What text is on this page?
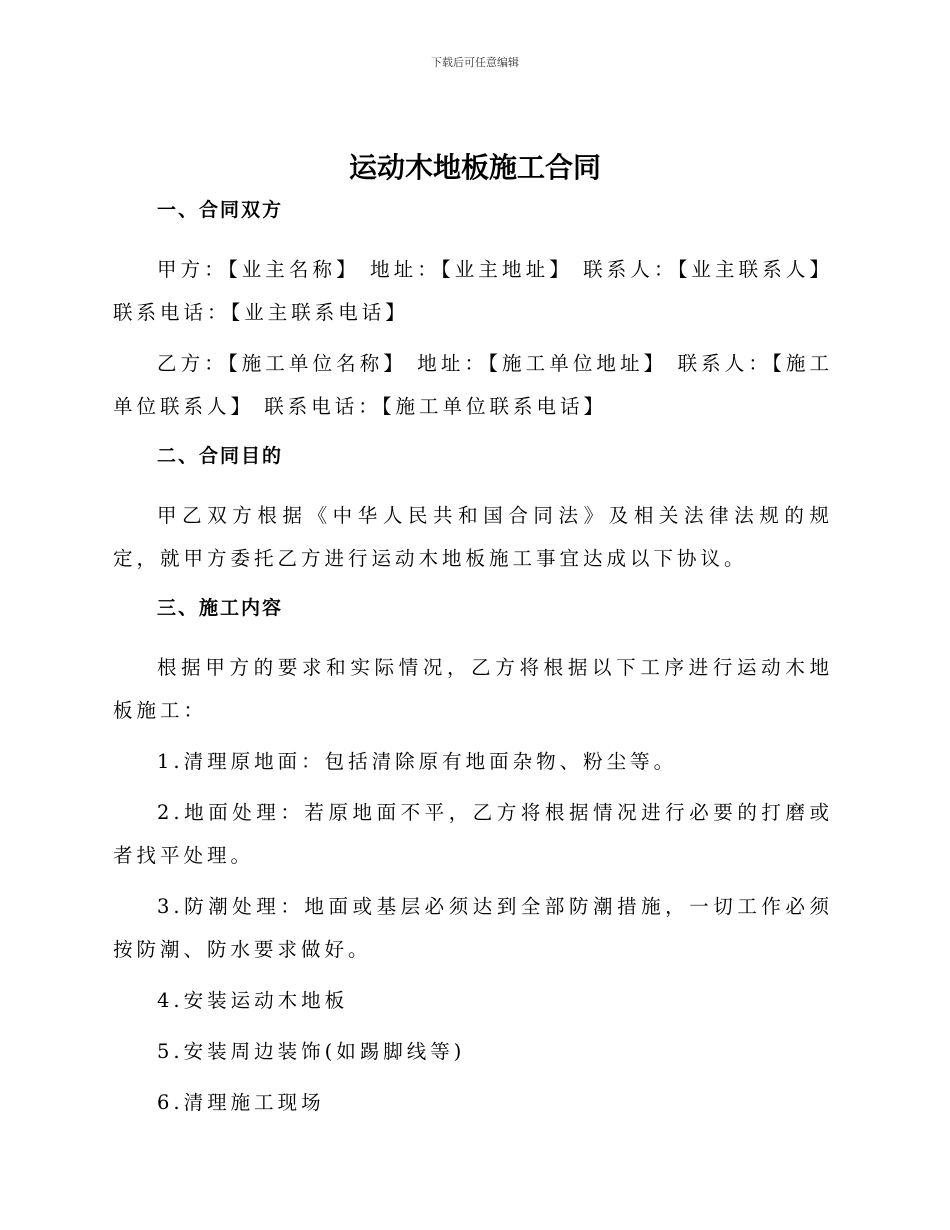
下载后可任意编辑
运动木地板施工合同
一、合同双方

甲方：【业主名称】 地址：【业主地址】 联系人：【业主联系人】 联系电话：【业主联系电话】

乙方：【施工单位名称】 地址：【施工单位地址】 联系人：【施工单位联系人】 联系电话：【施工单位联系电话】

二、合同目的

甲乙双方根据《中华人民共和国合同法》及相关法律法规的规定，就甲方委托乙方进行运动木地板施工事宜达成以下协议。

三、施工内容

根据甲方的要求和实际情况，乙方将根据以下工序进行运动木地板施工：

1.清理原地面：包括清除原有地面杂物、粉尘等。

2.地面处理：若原地面不平，乙方将根据情况进行必要的打磨或者找平处理。

3.防潮处理：地面或基层必须达到全部防潮措施，一切工作必须按防潮、防水要求做好。

4.安装运动木地板

5.安装周边装饰(如踢脚线等)

6.清理施工现场
